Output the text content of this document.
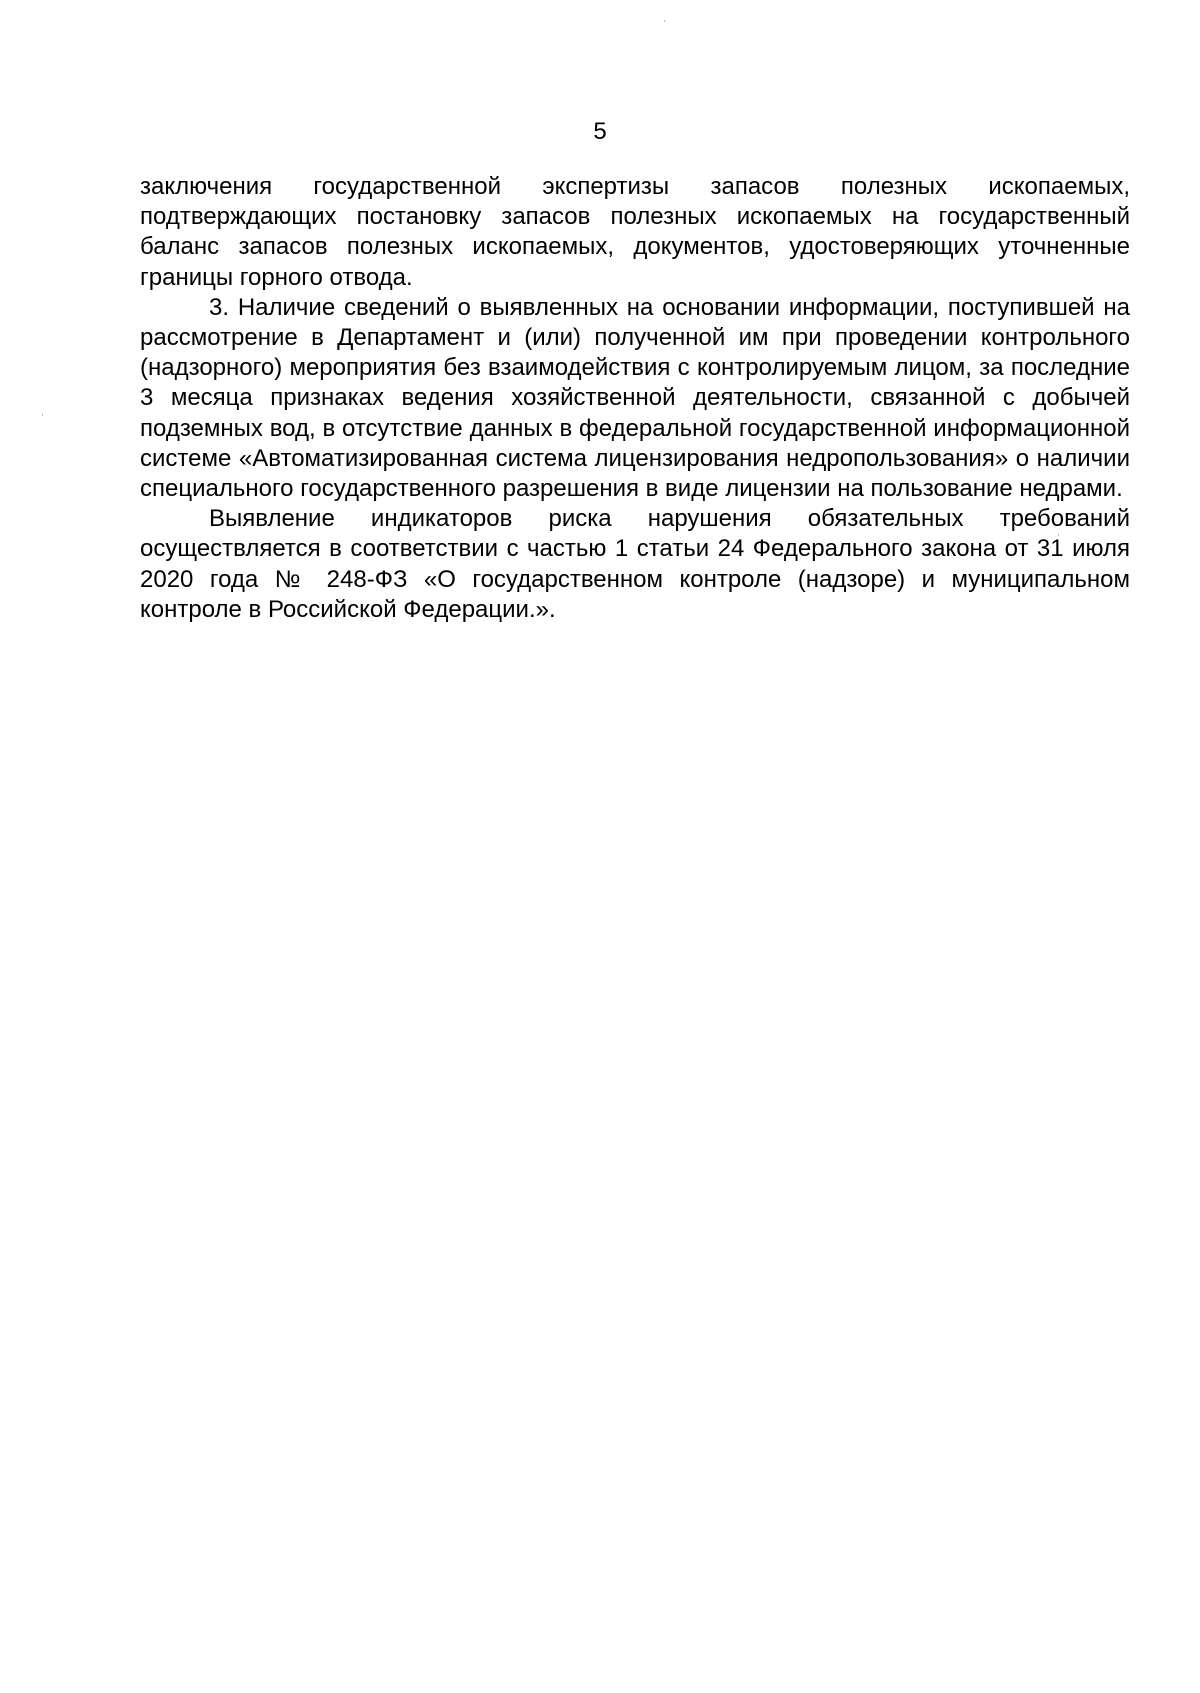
5

заключения государственной экспертизы запасов полезных ископаемых, подтверждающих постановку запасов полезных ископаемых на государственный баланс запасов полезных ископаемых, документов, удостоверяющих уточненные границы горного отвода.

3. Наличие сведений о выявленных на основании информации, поступившей на рассмотрение в Департамент и (или) полученной им при проведении контрольного (надзорного) мероприятия без взаимодействия с контролируемым лицом, за последние 3 месяца признаках ведения хозяйственной деятельности, связанной с добычей подземных вод, в отсутствие данных в федеральной государственной информационной системе «Автоматизированная система лицензирования недропользования» о наличии специального государственного разрешения в виде лицензии на пользование недрами.

Выявление индикаторов риска нарушения обязательных требований осуществляется в соответствии с частью 1 статьи 24 Федерального закона от 31 июля 2020 года № 248-ФЗ «О государственном контроле (надзоре) и муниципальном контроле в Российской Федерации.».
